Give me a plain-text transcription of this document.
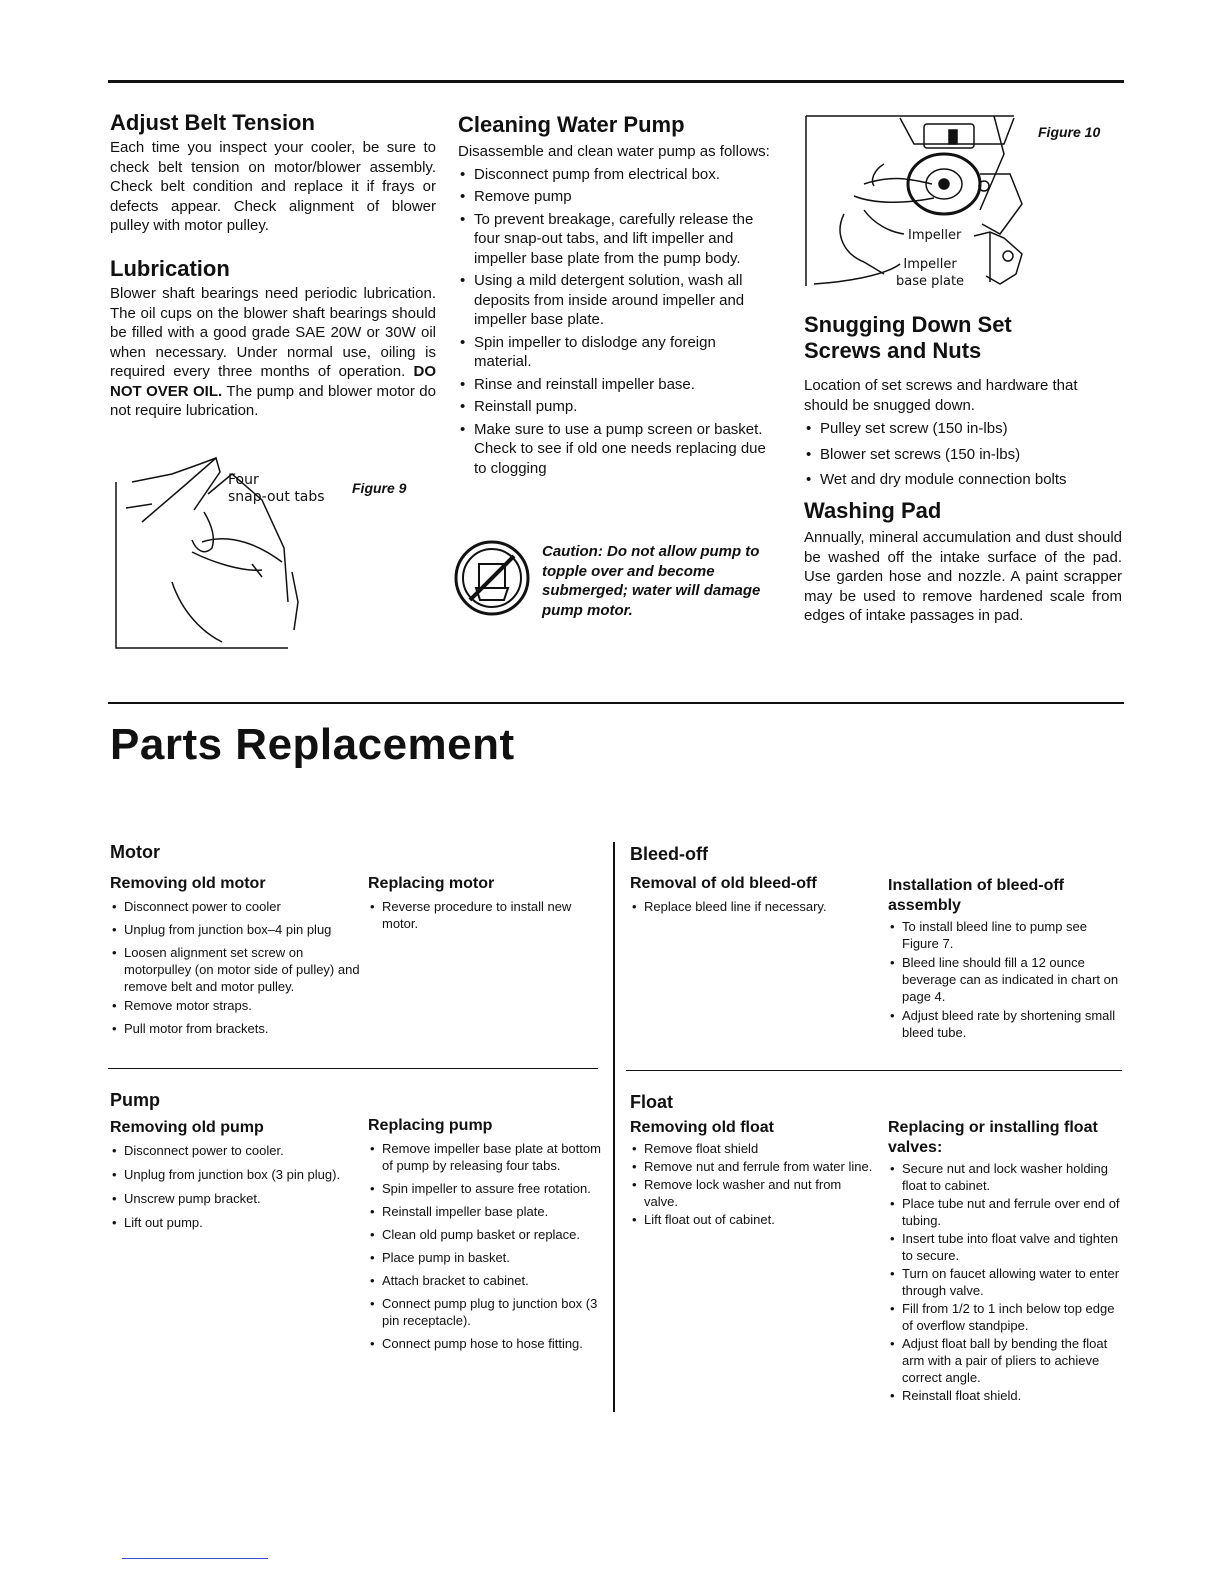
Adjust Belt Tension

Each time you inspect your cooler, be sure to check belt tension on motor/blower assembly. Check belt condition and replace it if frays or defects appear. Check alignment of blower pulley with motor pulley.

Lubrication

Blower shaft bearings need periodic lubrication. The oil cups on the blower shaft bearings should be filled with a good grade SAE 20W or 30W oil when necessary. Under normal use, oiling is required every three months of operation. DO NOT OVER OIL. The pump and blower motor do not require lubrication.

Four
snap-out tabs
Figure 9
Cleaning Water Pump

Disassemble and clean water pump as follows:

• Disconnect pump from electrical box.
• Remove pump
• To prevent breakage, carefully release the four snap-out tabs, and lift impeller and impeller base plate from the pump body.
• Using a mild detergent solution, wash all deposits from inside around impeller and impeller base plate.
• Spin impeller to dislodge any foreign material.
• Rinse and reinstall impeller base.
• Reinstall pump.
• Make sure to use a pump screen or basket. Check to see if old one needs replacing due to clogging
Caution: Do not allow pump to topple over and become submerged; water will damage pump motor.
Impeller
Impeller
base plate
Figure 10
Snugging Down Set
Screws and Nuts

Location of set screws and hardware that should be snugged down.

• Pulley set screw (150 in-lbs)
• Blower set screws (150 in-lbs)
• Wet and dry module connection bolts
Washing Pad

Annually, mineral accumulation and dust should be washed off the intake surface of the pad. Use garden hose and nozzle. A paint scrapper may be used to remove hardened scale from edges of intake passages in pad.

Parts Replacement
Motor
Removing old motor
• Disconnect power to cooler
• Unplug from junction box–4 pin plug
• Loosen alignment set screw on motorpulley (on motor side of pulley) and remove belt and motor pulley.
• Remove motor straps.
• Pull motor from brackets.
Replacing motor
• Reverse procedure to install new motor.
Bleed-off
Removal of old bleed-off
• Replace bleed line if necessary.
Installation of bleed-off assembly
• To install bleed line to pump see Figure 7.
• Bleed line should fill a 12 ounce beverage can as indicated in chart on page 4.
• Adjust bleed rate by shortening small bleed tube.
Pump
Removing old pump
• Disconnect power to cooler.
• Unplug from junction box (3 pin plug).
• Unscrew pump bracket.
• Lift out pump.
Replacing pump
• Remove impeller base plate at bottom of pump by releasing four tabs.
• Spin impeller to assure free rotation.
• Reinstall impeller base plate.
• Clean old pump basket or replace.
• Place pump in basket.
• Attach bracket to cabinet.
• Connect pump plug to junction box (3 pin receptacle).
• Connect pump hose to hose fitting.
Float
Removing old float
• Remove float shield
• Remove nut and ferrule from water line.
• Remove lock washer and nut from valve.
• Lift float out of cabinet.
Replacing or installing float valves:
• Secure nut and lock washer holding float to cabinet.
• Place tube nut and ferrule over end of tubing.
• Insert tube into float valve and tighten to secure.
• Turn on faucet allowing water to enter through valve.
• Fill from 1/2 to 1 inch below top edge of overflow standpipe.
• Adjust float ball by bending the float arm with a pair of pliers to achieve correct angle.
• Reinstall float shield.
